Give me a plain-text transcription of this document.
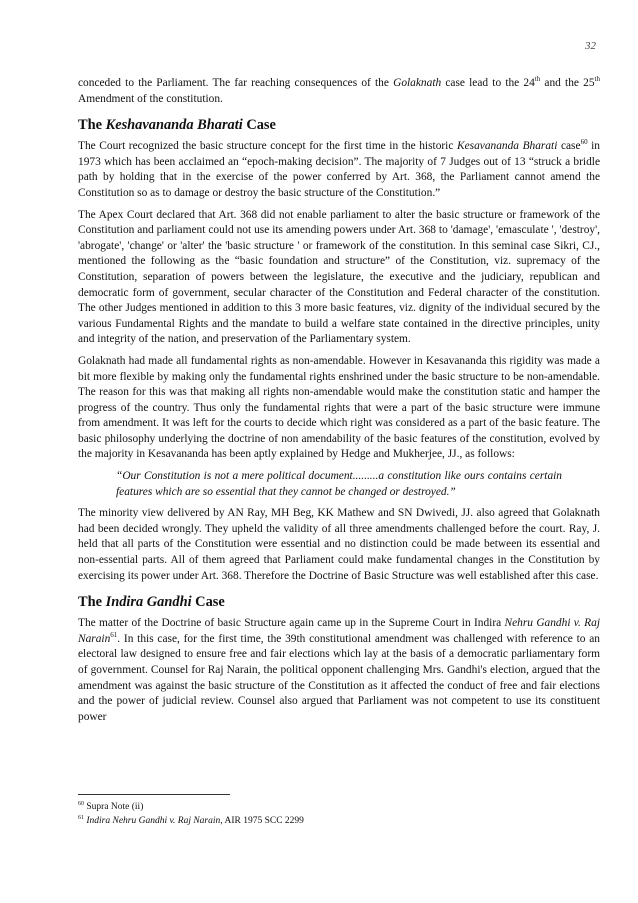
32

conceded to the Parliament. The far reaching consequences of the Golaknath case lead to the 24th and the 25th Amendment of the constitution.

The Keshavananda Bharati Case

The Court recognized the basic structure concept for the first time in the historic Kesavananda Bharati case$^{60}$ in 1973 which has been acclaimed an “epoch-making decision”. The majority of 7 Judges out of 13 “struck a bridle path by holding that in the exercise of the power conferred by Art. 368, the Parliament cannot amend the Constitution so as to damage or destroy the basic structure of the Constitution.”

The Apex Court declared that Art. 368 did not enable parliament to alter the basic structure or framework of the Constitution and parliament could not use its amending powers under Art. 368 to 'damage', 'emasculate ', 'destroy', 'abrogate', 'change' or 'alter' the 'basic structure ' or framework of the constitution. In this seminal case Sikri, CJ., mentioned the following as the “basic foundation and structure” of the Constitution, viz. supremacy of the Constitution, separation of powers between the legislature, the executive and the judiciary, republican and democratic form of government, secular character of the Constitution and Federal character of the constitution. The other Judges mentioned in addition to this 3 more basic features, viz. dignity of the individual secured by the various Fundamental Rights and the mandate to build a welfare state contained in the directive principles, unity and integrity of the nation, and preservation of the Parliamentary system.

Golaknath had made all fundamental rights as non-amendable. However in Kesavananda this rigidity was made a bit more flexible by making only the fundamental rights enshrined under the basic structure to be non-amendable. The reason for this was that making all rights non-amendable would make the constitution static and hamper the progress of the country. Thus only the fundamental rights that were a part of the basic structure were immune from amendment. It was left for the courts to decide which right was considered as a part of the basic feature. The basic philosophy underlying the doctrine of non amendability of the basic features of the constitution, evolved by the majority in Kesavananda has been aptly explained by Hedge and Mukherjee, JJ., as follows:

“Our Constitution is not a mere political document.........a constitution like ours contains certain features which are so essential that they cannot be changed or destroyed.”

The minority view delivered by AN Ray, MH Beg, KK Mathew and SN Dwivedi, JJ. also agreed that Golaknath had been decided wrongly. They upheld the validity of all three amendments challenged before the court. Ray, J. held that all parts of the Constitution were essential and no distinction could be made between its essential and non-essential parts. All of them agreed that Parliament could make fundamental changes in the Constitution by exercising its power under Art. 368. Therefore the Doctrine of Basic Structure was well established after this case.

The Indira Gandhi Case

The matter of the Doctrine of basic Structure again came up in the Supreme Court in Indira Nehru Gandhi v. Raj Narain$^{61}$. In this case, for the first time, the 39th constitutional amendment was challenged with reference to an electoral law designed to ensure free and fair elections which lay at the basis of a democratic parliamentary form of government. Counsel for Raj Narain, the political opponent challenging Mrs. Gandhi's election, argued that the amendment was against the basic structure of the Constitution as it affected the conduct of free and fair elections and the power of judicial review. Counsel also argued that Parliament was not competent to use its constituent power

$^{60}$ Supra Note (ii)
$^{61}$ Indira Nehru Gandhi v. Raj Narain, AIR 1975 SCC 2299
